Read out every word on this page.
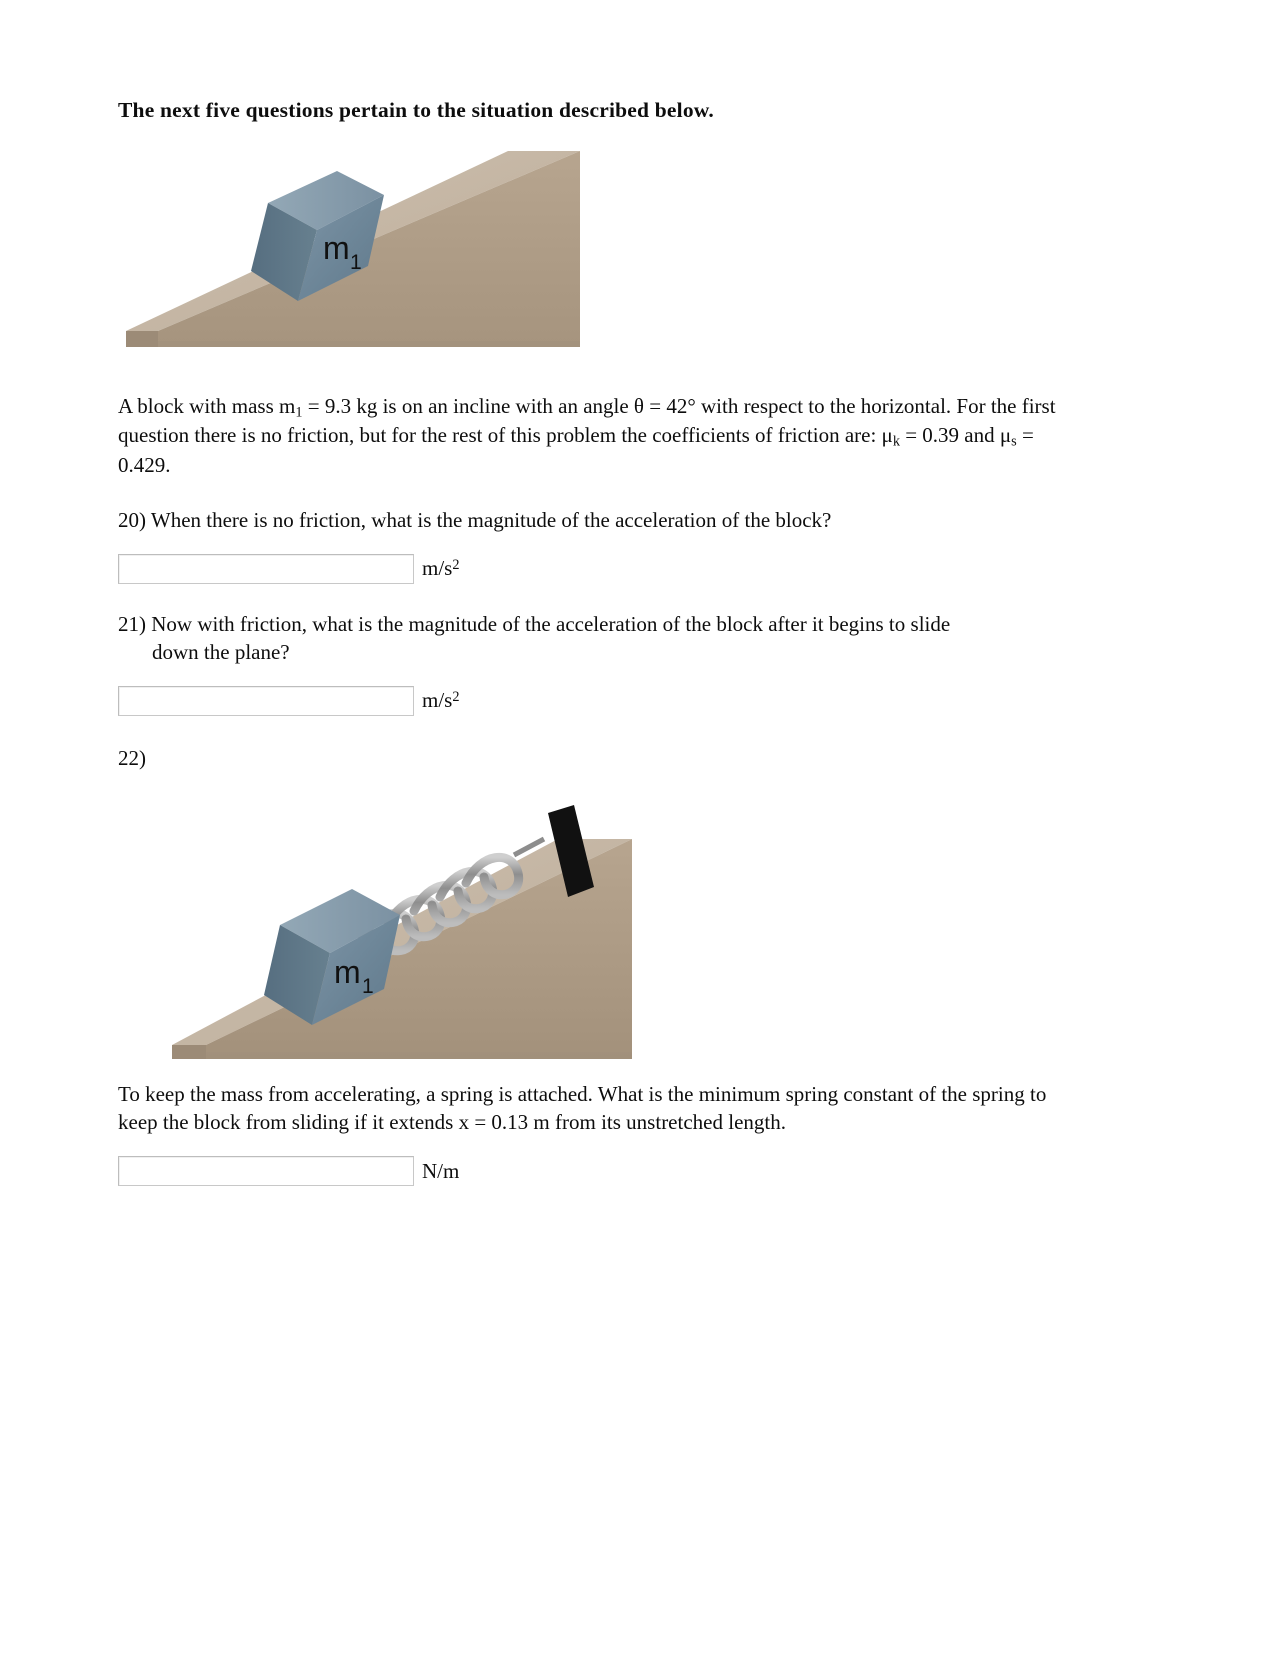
The next five questions pertain to the situation described below.
m 1

A block with mass $m_1 = 9.3$ kg is on an incline with an angle θ = 42° with respect to the horizontal. For the first question there is no friction, but for the rest of this problem the coefficients of friction are: $\mu_k = 0.39$ and $\mu_s = 0.429$.

20) When there is no friction, what is the magnitude of the acceleration of the block?

$m/s^2$

21) Now with friction, what is the magnitude of the acceleration of the block after it begins to slide
down the plane?

$m/s^2$
22)
m 1

To keep the mass from accelerating, a spring is attached. What is the minimum spring constant of the spring to keep the block from sliding if it extends x = 0.13 m from its unstretched length.

N/m
